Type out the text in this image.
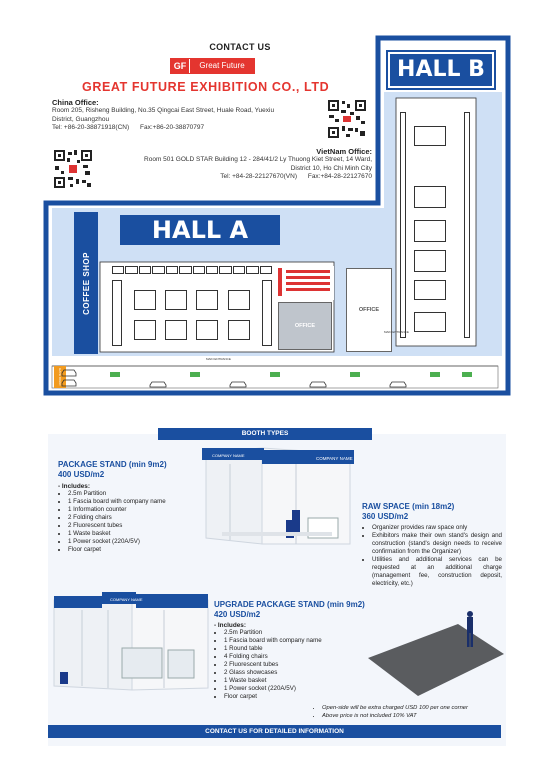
CONTACT US
GF	Great Future
GREAT FUTURE EXHIBITION CO., LTD
China Office:
Room 205, Risheng Building, No.35 Qingcai East Street, Huale Road, Yuexiu
District, Guangzhou
Tel: +86-20-38871918(CN) Fax:+86-20-38870797
VietNam Office:
Room 501 GOLD STAR Building 12 - 284/41/2 Ly Thuong Kiet Street, 14 Ward,
District 10, Ho Chi Minh City
Tel: +84-28-22127670(VN) Fax:+84-28-22127670
HALL B
HALL A
COFFEE SHOP
OFFICE
OFFICE
MAIN ENTRANCE
MAIN ENTRANCE
GATE ROAD
BOOTH TYPES
PACKAGE STAND (min 9m2)
400 USD/m2
- Includes:
• 2.5m Partition
• 1 Fascia board with company name
• 1 Information counter
• 2 Folding chairs
• 2 Fluorescent tubes
• 1 Waste basket
• 1 Power socket (220A/5V)
• Floor carpet
COMPANY NAME
COMPANY NAME
RAW SPACE (min 18m2)
360 USD/m2
• Organizer provides raw space only
• Exhibitors make their own stand's design and construction (stand's design needs to receive confirmation from the Organizer)
• Utilities and additional services can be requested at an additional charge (management fee, construction deposit, electricity, etc.)
COMPANY NAME
UPGRADE PACKAGE STAND (min 9m2)
420 USD/m2
- Includes:
• 2.5m Partition
• 1 Fascia board with company name
• 1 Round table
• 4 Folding chairs
• 2 Fluorescent tubes
• 2 Glass showcases
• 1 Waste basket
• 1 Power socket (220A/5V)
• Floor carpet
• Open-side will be extra charged USD 100 per one corner
• Above price is not included 10% VAT
CONTACT US FOR DETAILED INFORMATION
